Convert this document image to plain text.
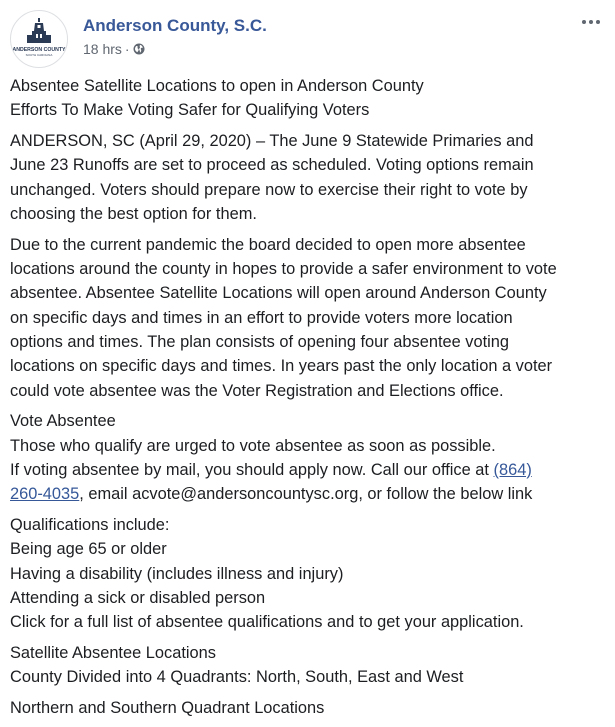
ANDERSON COUNTY
SOUTH CAROLINA
Anderson County, S.C.
18 hrs ·

Absentee Satellite Locations to open in Anderson County
Efforts To Make Voting Safer for Qualifying Voters

ANDERSON, SC (April 29, 2020) – The June 9 Statewide Primaries and
June 23 Runoffs are set to proceed as scheduled. Voting options remain
unchanged. Voters should prepare now to exercise their right to vote by
choosing the best option for them.

Due to the current pandemic the board decided to open more absentee
locations around the county in hopes to provide a safer environment to vote
absentee. Absentee Satellite Locations will open around Anderson County
on specific days and times in an effort to provide voters more location
options and times. The plan consists of opening four absentee voting
locations on specific days and times. In years past the only location a voter
could vote absentee was the Voter Registration and Elections office.

Vote Absentee
Those who qualify are urged to vote absentee as soon as possible.
If voting absentee by mail, you should apply now. Call our office at (864)
260-4035, email acvote@andersoncountysc.org, or follow the below link

Qualifications include:
Being age 65 or older
Having a disability (includes illness and injury)
Attending a sick or disabled person
Click for a full list of absentee qualifications and to get your application.

Satellite Absentee Locations
County Divided into 4 Quadrants: North, South, East and West

Northern and Southern Quadrant Locations
